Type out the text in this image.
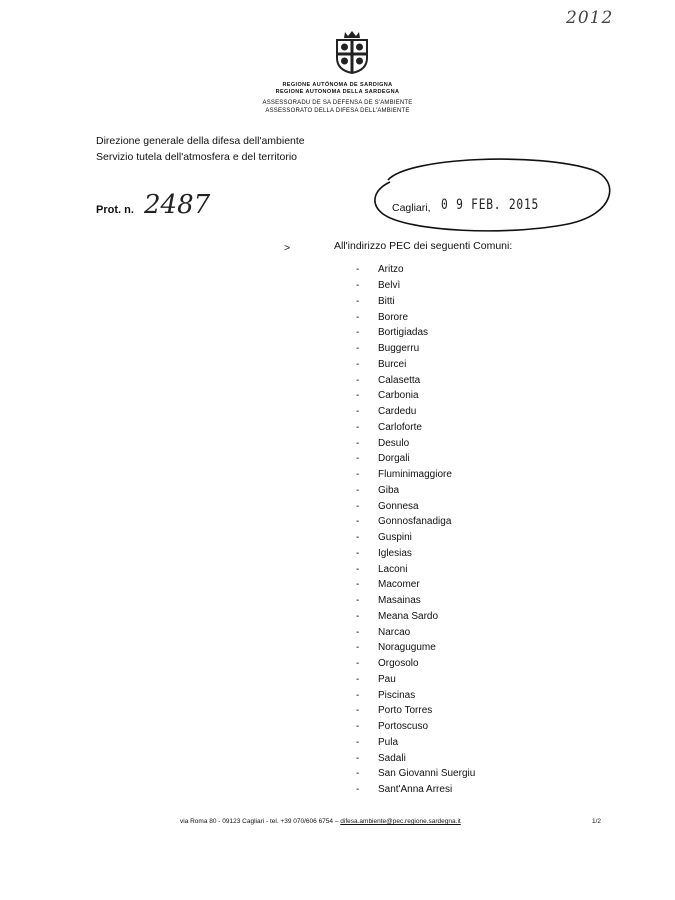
2012
REGIONE AUTÒNOMA DE SARDIGNA
REGIONE AUTONOMA DELLA SARDEGNA
ASSESSORADU DE SA DEFENSA DE S'AMBIENTE
ASSESSORATO DELLA DIFESA DELL'AMBIENTE
Direzione generale della difesa dell'ambiente
Servizio tutela dell'atmosfera e del territorio
Prot. n. 2487	Cagliari, 0 9 FEB. 2015
>	All'indirizzo PEC dei seguenti Comuni:
-	Aritzo
-	Belvì
-	Bitti
-	Borore
-	Bortigiadas
-	Buggerru
-	Burcei
-	Calasetta
-	Carbonia
-	Cardedu
-	Carloforte
-	Desulo
-	Dorgali
-	Fluminimaggiore
-	Giba
-	Gonnesa
-	Gonnosfanadiga
-	Guspini
-	Iglesias
-	Laconi
-	Macomer
-	Masainas
-	Meana Sardo
-	Narcao
-	Noragugume
-	Orgosolo
-	Pau
-	Piscinas
-	Porto Torres
-	Portoscuso
-	Pula
-	Sadali
-	San Giovanni Suergiu
-	Sant'Anna Arresi
via Roma 80 - 09123 Cagliari - tel. +39 070/606 6754 – difesa.ambiente@pec.regione.sardegna.it	1/2
